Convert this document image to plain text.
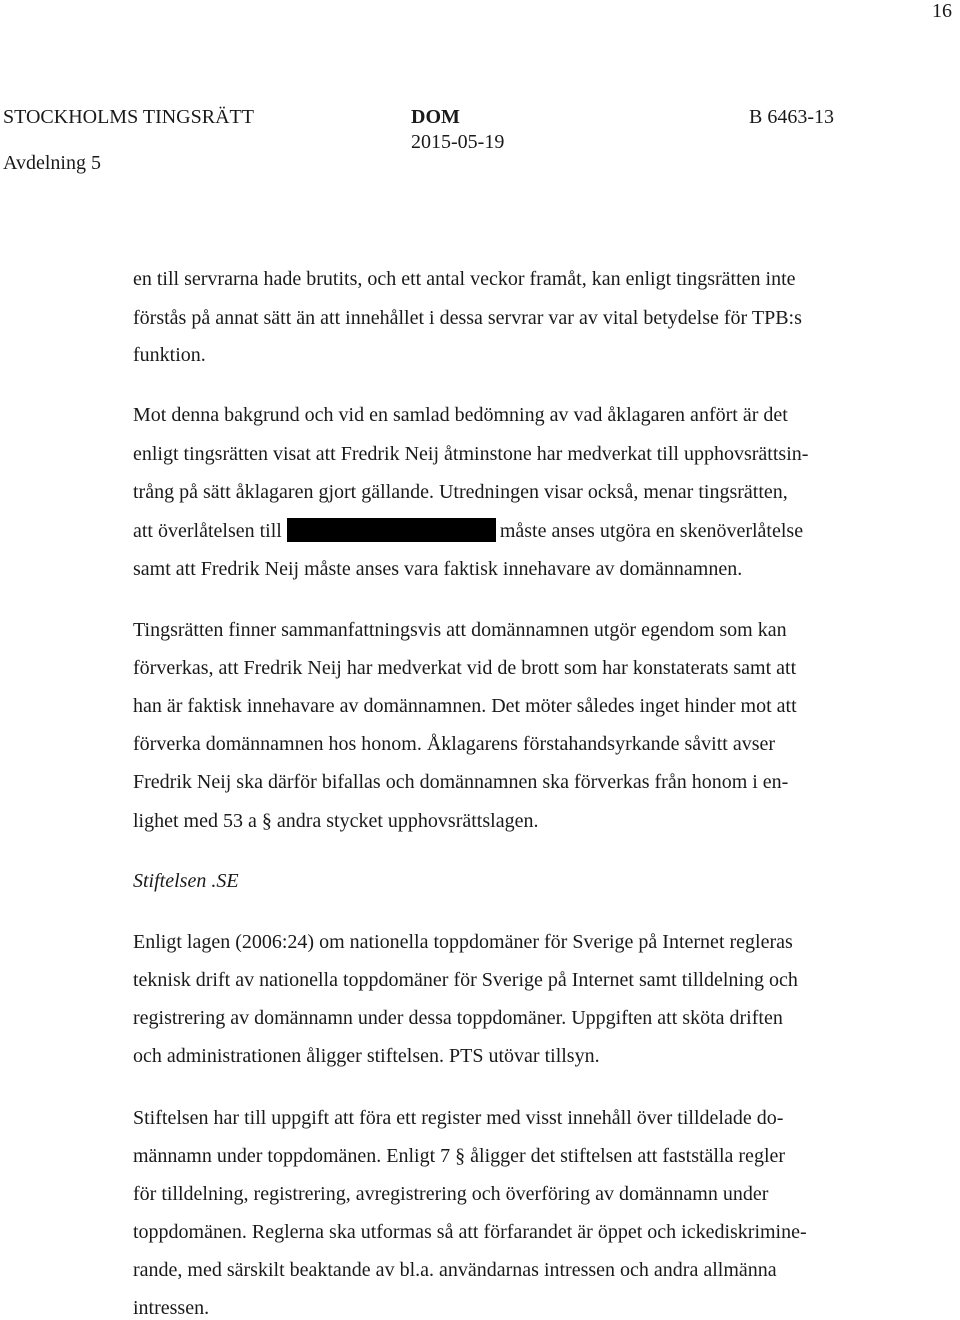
16
STOCKHOLMS TINGSRÄTT
Avdelning 5
DOM
2015-05-19
B 6463-13
en till servrarna hade brutits, och ett antal veckor framåt, kan enligt tingsrätten inte
förstås på annat sätt än att innehållet i dessa servrar var av vital betydelse för TPB:s
funktion.
Mot denna bakgrund och vid en samlad bedömning av vad åklagaren anfört är det
enligt tingsrätten visat att Fredrik Neij åtminstone har medverkat till upphovsrättsin-
trång på sätt åklagaren gjort gällande. Utredningen visar också, menar tingsrätten,
att överlåtelsen till	måste anses utgöra en skenöverlåtelse
samt att Fredrik Neij måste anses vara faktisk innehavare av domännamnen.
Tingsrätten finner sammanfattningsvis att domännamnen utgör egendom som kan
förverkas, att Fredrik Neij har medverkat vid de brott som har konstaterats samt att
han är faktisk innehavare av domännamnen. Det möter således inget hinder mot att
förverka domännamnen hos honom. Åklagarens förstahandsyrkande såvitt avser
Fredrik Neij ska därför bifallas och domännamnen ska förverkas från honom i en-
lighet med 53 a § andra stycket upphovsrättslagen.
Stiftelsen .SE
Enligt lagen (2006:24) om nationella toppdomäner för Sverige på Internet regleras
teknisk drift av nationella toppdomäner för Sverige på Internet samt tilldelning och
registrering av domännamn under dessa toppdomäner. Uppgiften att sköta driften
och administrationen åligger stiftelsen. PTS utövar tillsyn.
Stiftelsen har till uppgift att föra ett register med visst innehåll över tilldelade do-
männamn under toppdomänen. Enligt 7 § åligger det stiftelsen att fastställa regler
för tilldelning, registrering, avregistrering och överföring av domännamn under
toppdomänen. Reglerna ska utformas så att förfarandet är öppet och ickediskrimine-
rande, med särskilt beaktande av bl.a. användarnas intressen och andra allmänna
intressen.
